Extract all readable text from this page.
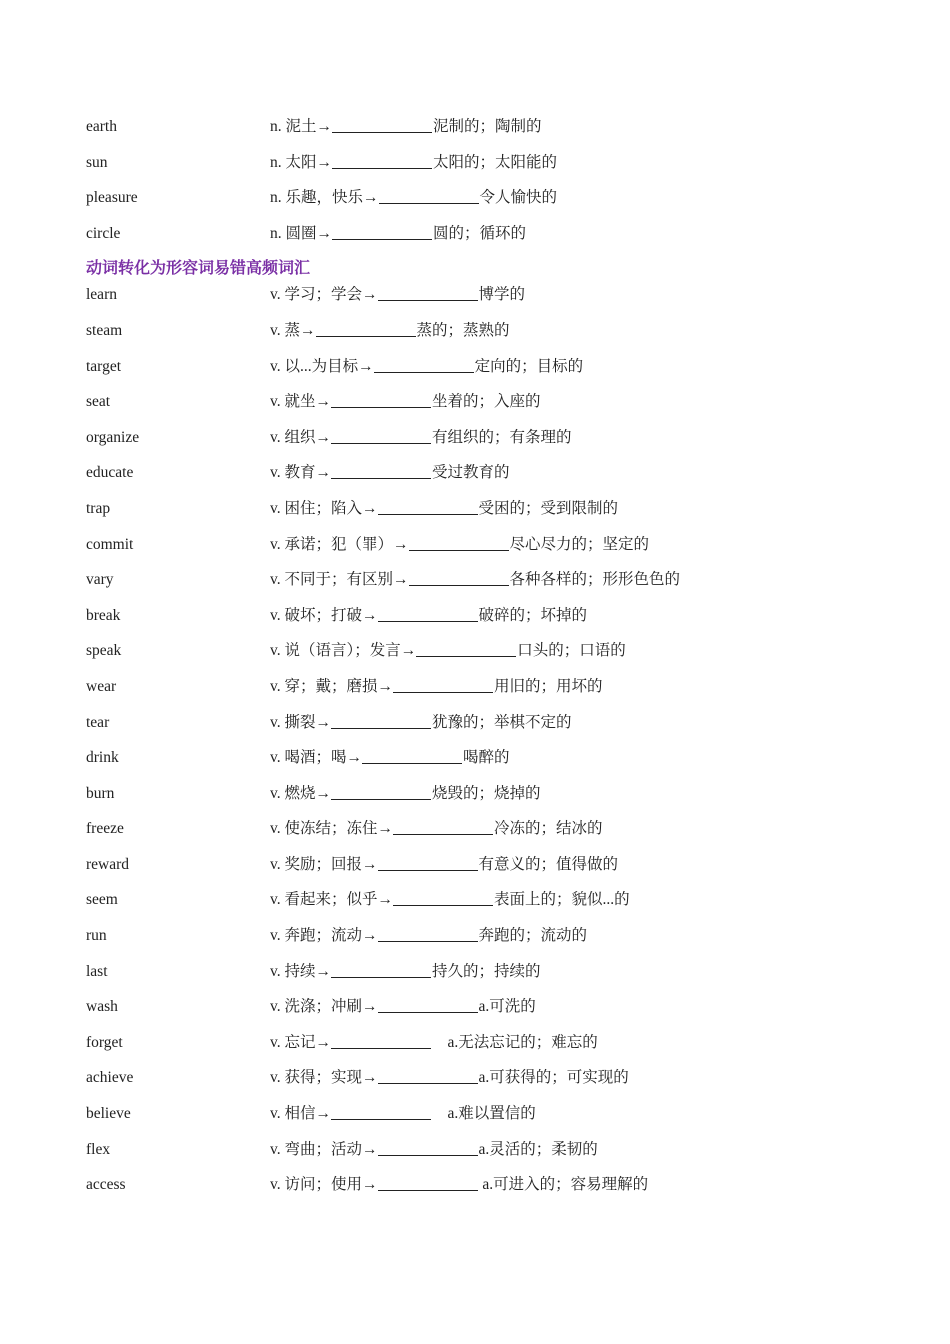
earth	n. 泥土→	泥制的；陶制的
sun	n. 太阳→	太阳的；太阳能的
pleasure	n. 乐趣，快乐→	令人愉快的
circle	n. 圆圈→	圆的；循环的
动词转化为形容词易错高频词汇
learn	v. 学习；学会→	博学的
steam	v. 蒸→	蒸的；蒸熟的
target	v. 以...为目标→	定向的；目标的
seat	v. 就坐→	坐着的；入座的
organize	v. 组织→	有组织的；有条理的
educate	v. 教育→	受过教育的
trap	v. 困住；陷入→	受困的；受到限制的
commit	v. 承诺；犯（罪）→	尽心尽力的；坚定的
vary	v. 不同于；有区别→	各种各样的；形形色色的
break	v. 破坏；打破→	破碎的；坏掉的
speak	v. 说（语言）；发言→	口头的；口语的
wear	v. 穿；戴；磨损→	用旧的；用坏的
tear	v. 撕裂→	犹豫的；举棋不定的
drink	v. 喝酒；喝→	喝醉的
burn	v. 燃烧→	烧毁的；烧掉的
freeze	v. 使冻结；冻住→	冷冻的；结冰的
reward	v. 奖励；回报→	有意义的；值得做的
seem	v. 看起来；似乎→	表面上的；貌似...的
run	v. 奔跑；流动→	奔跑的；流动的
last	v. 持续→	持久的；持续的
wash	v. 洗涤；冲刷→	a.可洗的
forget	v. 忘记→	a.无法忘记的；难忘的
achieve	v. 获得；实现→	a.可获得的；可实现的
believe	v. 相信→	a.难以置信的
flex	v. 弯曲；活动→	a.灵活的；柔韧的
access	v. 访问；使用→	a.可进入的；容易理解的
